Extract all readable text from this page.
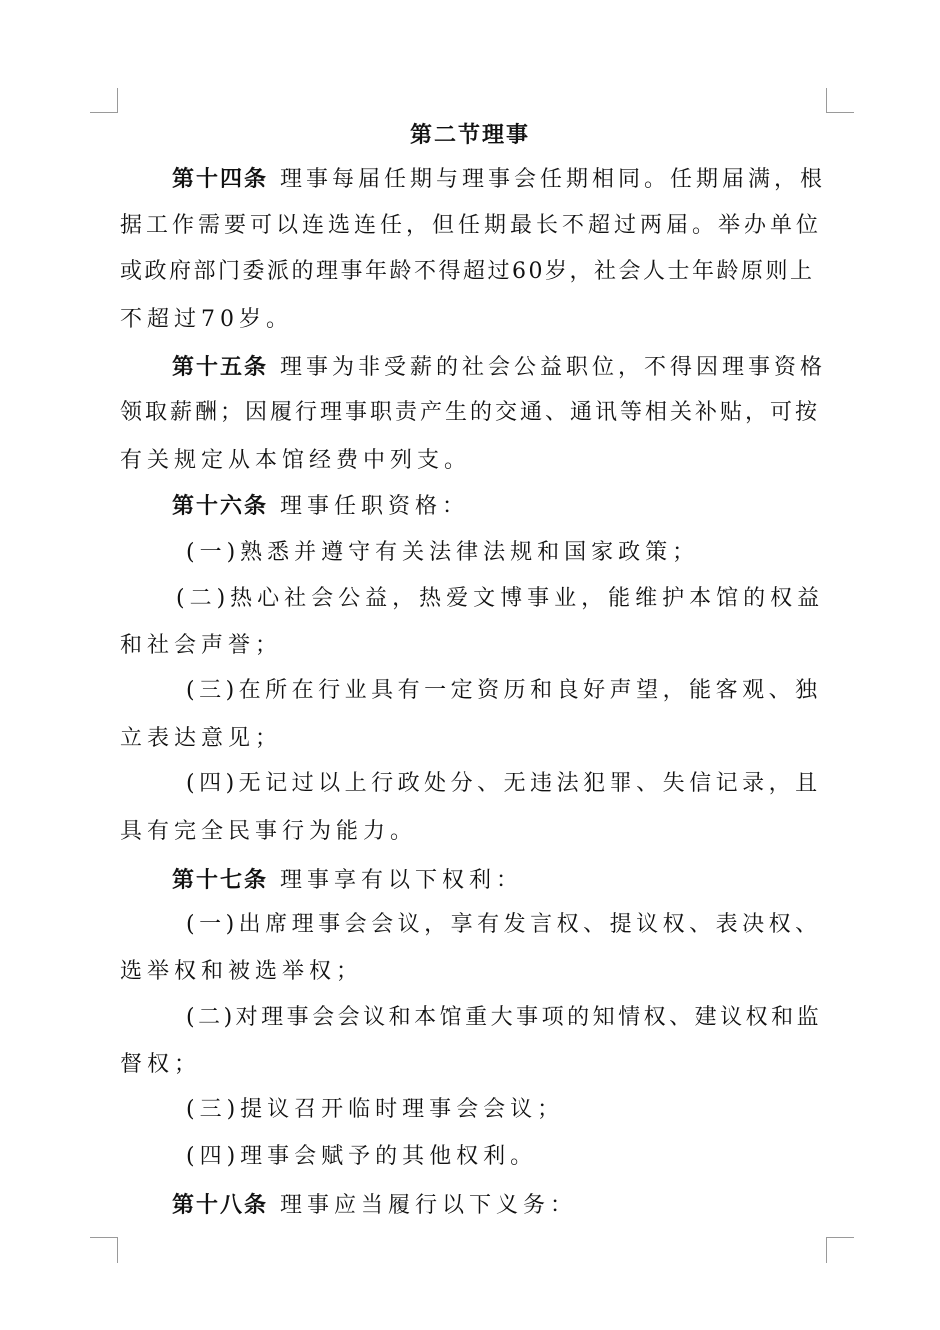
第二节理事
第十四条 理事每届任期与理事会任期相同。任期届满，根
据工作需要可以连选连任，但任期最长不超过两届。举办单位
或政府部门委派的理事年龄不得超过60岁，社会人士年龄原则上
不超过70岁。
第十五条 理事为非受薪的社会公益职位，不得因理事资格
领取薪酬；因履行理事职责产生的交通、通讯等相关补贴，可按
有关规定从本馆经费中列支。
第十六条 理事任职资格：
(一)熟悉并遵守有关法律法规和国家政策；
(二)热心社会公益，热爱文博事业，能维护本馆的权益
和社会声誉；
(三)在所在行业具有一定资历和良好声望，能客观、独
立表达意见；
(四)无记过以上行政处分、无违法犯罪、失信记录，且
具有完全民事行为能力。
第十七条 理事享有以下权利：
(一)出席理事会会议，享有发言权、提议权、表决权、
选举权和被选举权；
(二)对理事会会议和本馆重大事项的知情权、建议权和监
督权；
(三)提议召开临时理事会会议；
(四)理事会赋予的其他权利。
第十八条 理事应当履行以下义务：
